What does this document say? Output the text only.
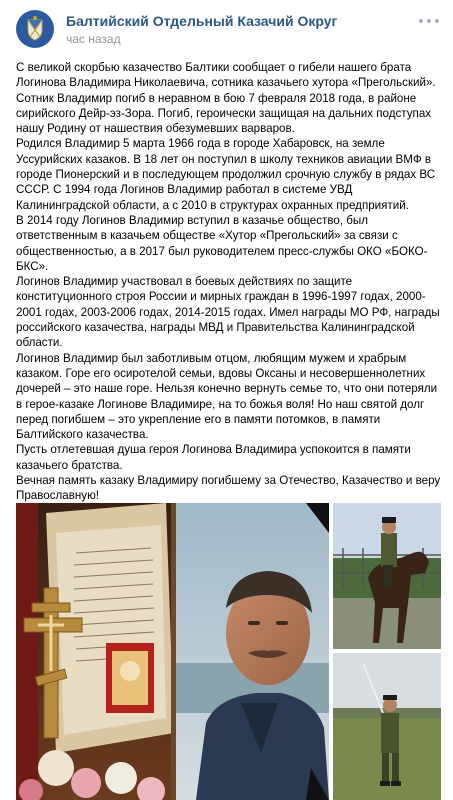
Балтийский Отдельный Казачий Округ
час назад

С великой скорбью казачество Балтики сообщает о гибели нашего брата Логинова Владимира Николаевича, сотника казачьего хутора «Прегольский». Сотник Владимир погиб в неравном в бою 7 февраля 2018 года, в районе сирийского Дейр-эз-Зора. Погиб, героически защищая на дальних подступах нашу Родину от нашествия обезумевших варваров.

Родился Владимир 5 марта 1966 года в городе Хабаровск, на земле Уссурийских казаков. В 18 лет он поступил в школу техников авиации ВМФ в городе Пионерский и в последующем продолжил срочную службу в рядах ВС СССР. С 1994 года Логинов Владимир работал в системе УВД Калининградской области, а с 2010 в структурах охранных предприятий.

В 2014 году Логинов Владимир вступил в казачье общество, был ответственным в казачьем обществе «Хутор «Прегольский» за связи с общественностью, а в 2017 был руководителем пресс-службы ОКО «БОКО-БКС».

Логинов Владимир участвовал в боевых действиях по защите конституционного строя России и мирных граждан в 1996-1997 годах, 2000-2001 годах, 2003-2006 годах, 2014-2015 годах. Имел награды МО РФ, награды российского казачества, награды МВД и Правительства Калининградской области.

Логинов Владимир был заботливым отцом, любящим мужем и храбрым казаком. Горе его осиротелой семьи, вдовы Оксаны и несовершеннолетних дочерей – это наше горе. Нельзя конечно вернуть семье то, что они потеряли в герое-казаке Логинове Владимире, на то божья воля! Но наш святой долг перед погибшем – это укрепление его в памяти потомков, в памяти Балтийского казачества.

Пусть отлетевшая душа героя Логинова Владимира успокоится в памяти казачьего братства.

Вечная память казаку Владимиру погибшему за Отечество, Казачество и веру Православную!
